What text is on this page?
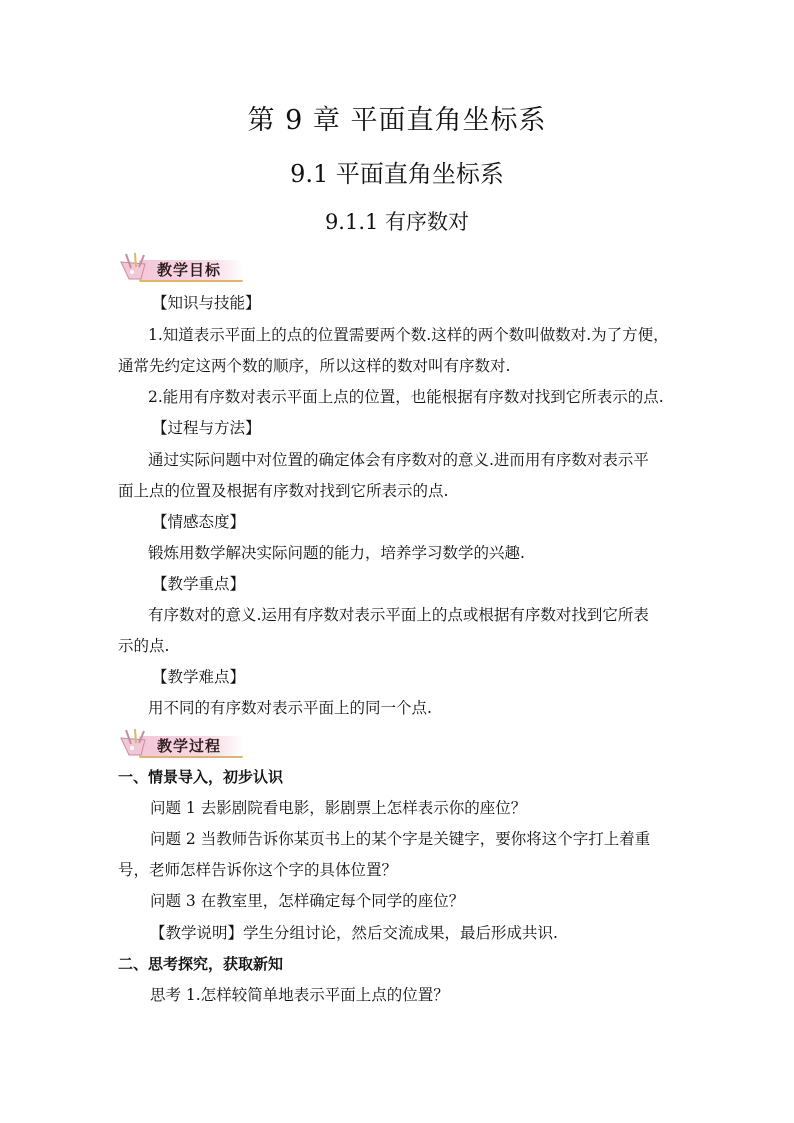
第 9 章 平面直角坐标系
9.1 平面直角坐标系
9.1.1 有序数对
教学目标
【知识与技能】
1.知道表示平面上的点的位置需要两个数.这样的两个数叫做数对.为了方便，
通常先约定这两个数的顺序，所以这样的数对叫有序数对.
2.能用有序数对表示平面上点的位置，也能根据有序数对找到它所表示的点.
【过程与方法】
通过实际问题中对位置的确定体会有序数对的意义.进而用有序数对表示平
面上点的位置及根据有序数对找到它所表示的点.
【情感态度】
锻炼用数学解决实际问题的能力，培养学习数学的兴趣.
【教学重点】
有序数对的意义.运用有序数对表示平面上的点或根据有序数对找到它所表
示的点.
【教学难点】
用不同的有序数对表示平面上的同一个点.
教学过程
一、情景导入，初步认识
问题 1 去影剧院看电影，影剧票上怎样表示你的座位？
问题 2 当教师告诉你某页书上的某个字是关键字，要你将这个字打上着重
号，老师怎样告诉你这个字的具体位置？
问题 3 在教室里，怎样确定每个同学的座位？
【教学说明】学生分组讨论，然后交流成果，最后形成共识.
二、思考探究，获取新知
思考 1.怎样较简单地表示平面上点的位置？
